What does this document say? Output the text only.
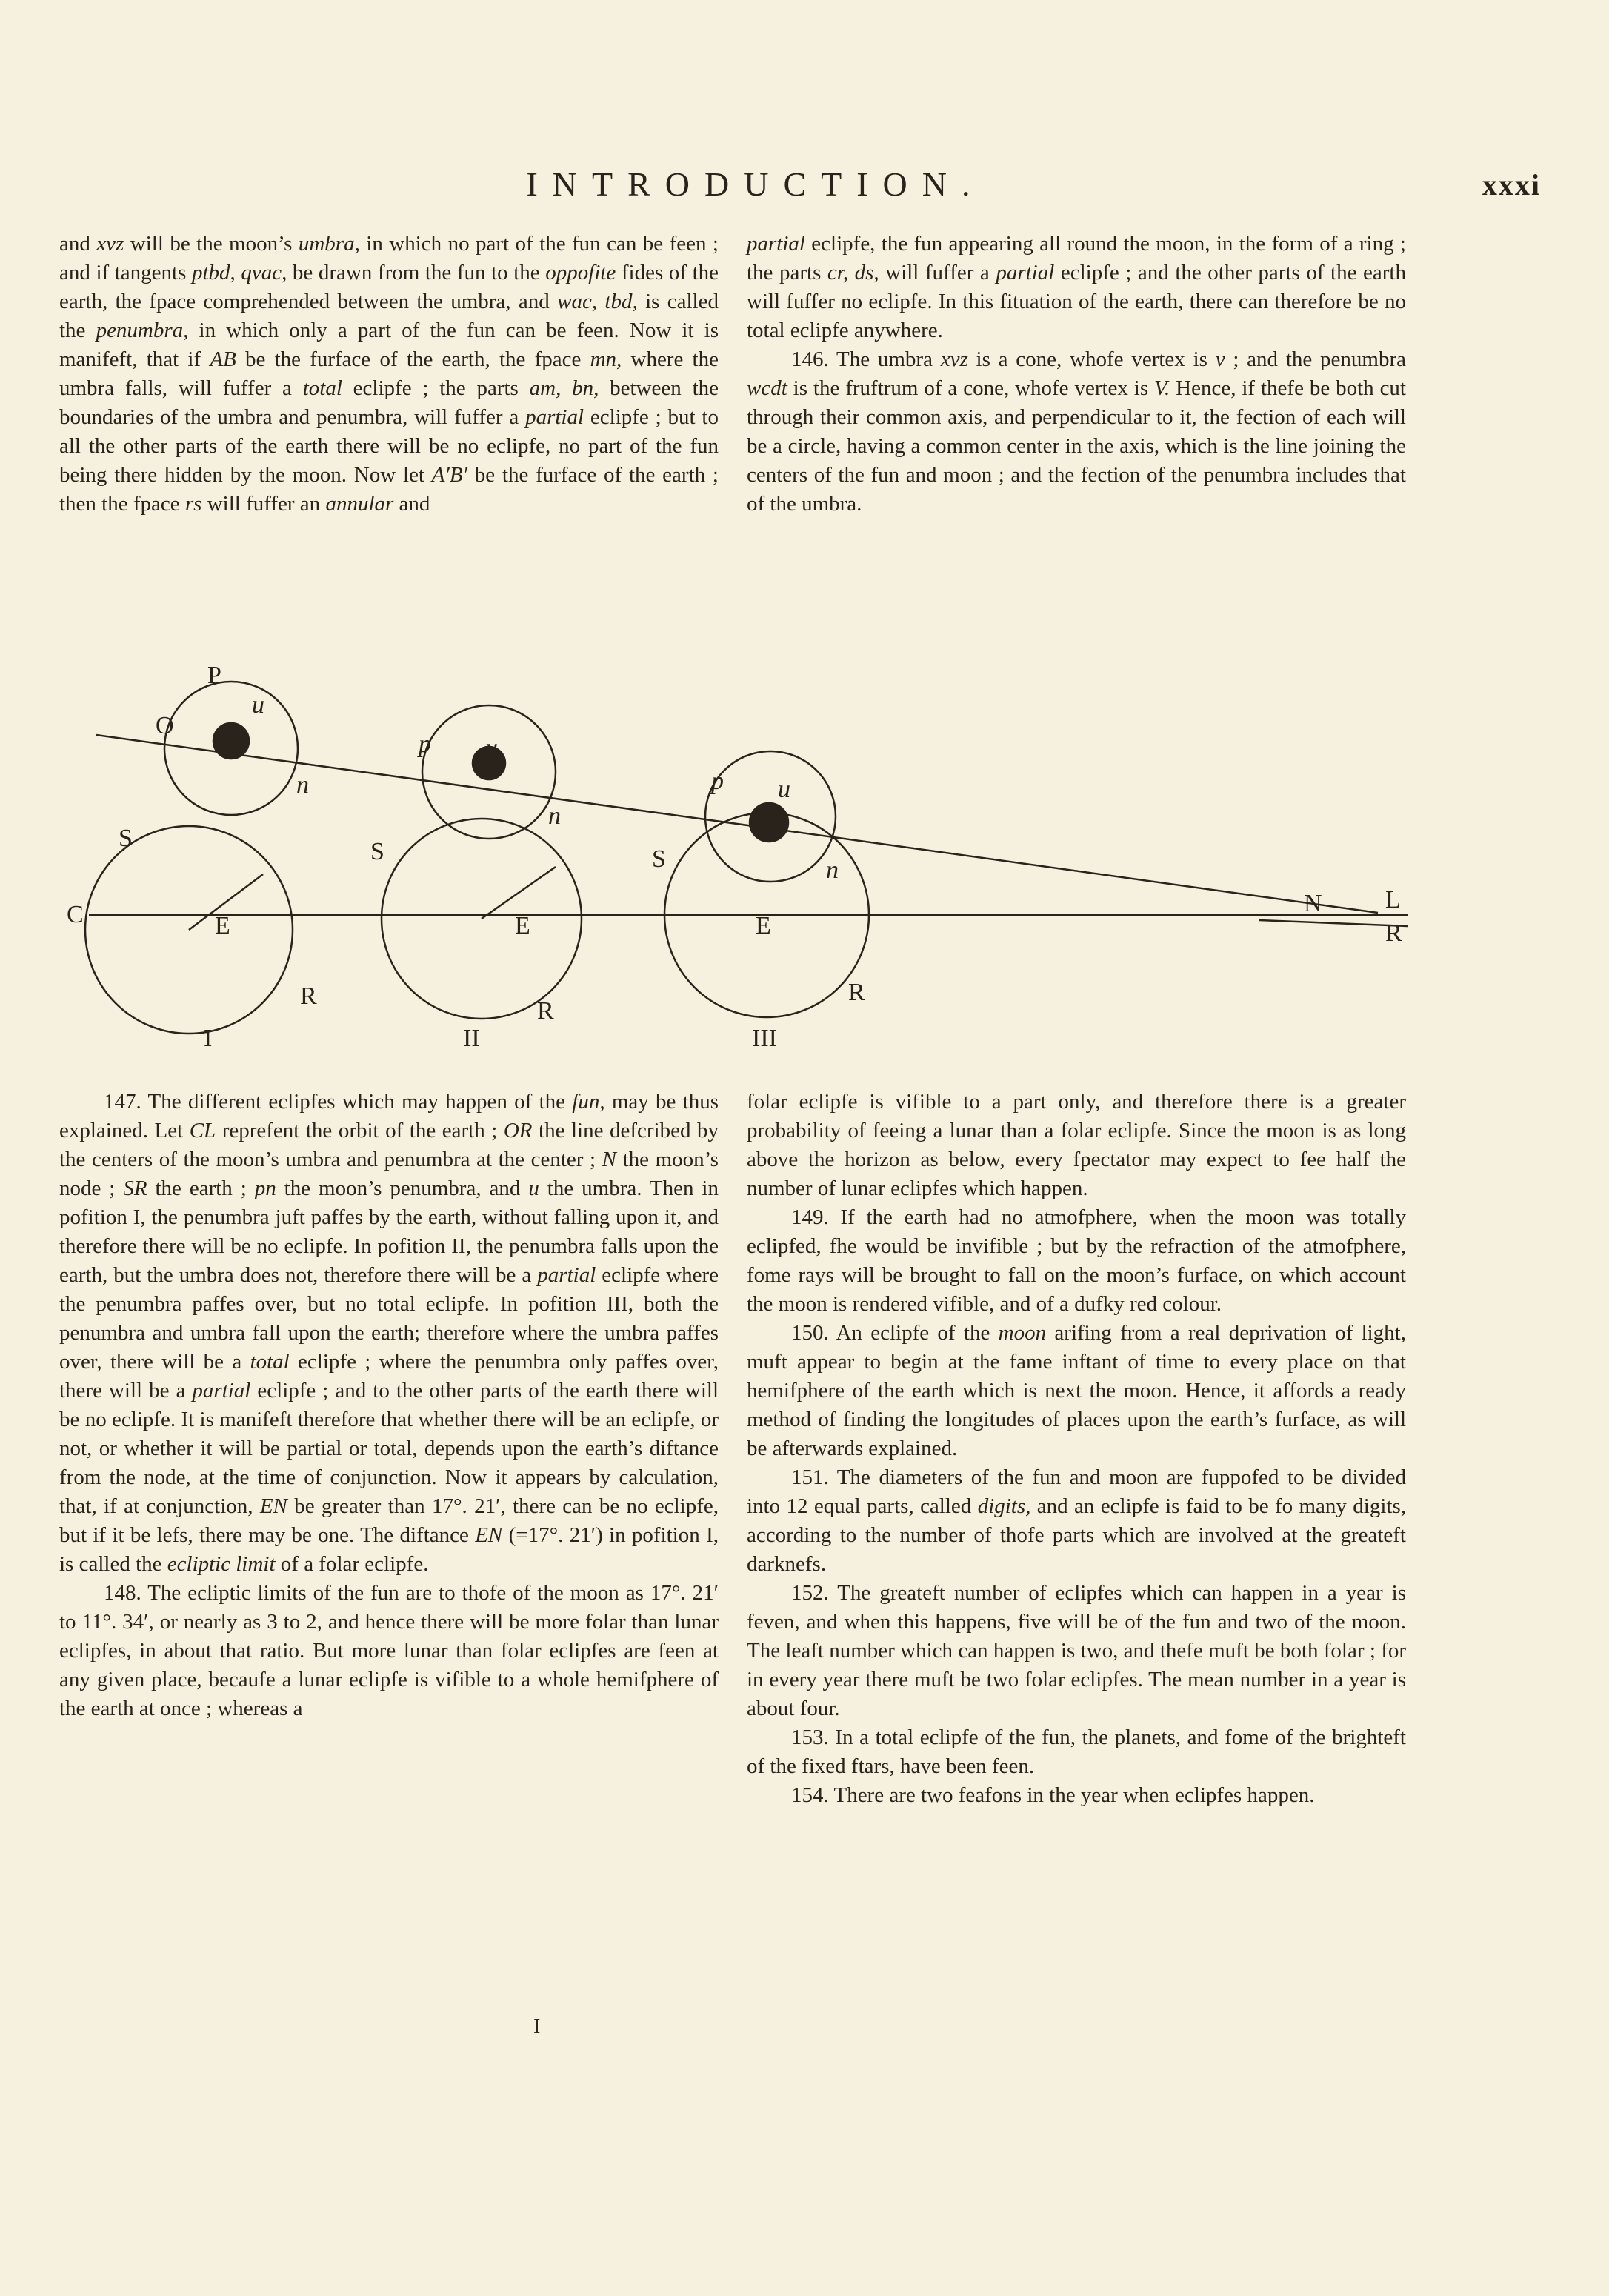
INTRODUCTION.	xxxi

and xvz will be the moon’s umbra, in which no part of the fun can be feen ; and if tangents ptbd, qvac, be drawn from the fun to the oppofite fides of the earth, the fpace comprehended between the umbra, and wac, tbd, is called the penumbra, in which only a part of the fun can be feen. Now it is manifeft, that if AB be the furface of the earth, the fpace mn, where the umbra falls, will fuffer a total eclipfe ; the parts am, bn, between the boundaries of the umbra and penumbra, will fuffer a partial eclipfe ; but to all the other parts of the earth there will be no eclipfe, no part of the fun being there hidden by the moon. Now let A′B′ be the furface of the earth ; then the fpace rs will fuffer an annular and

partial eclipfe, the fun appearing all round the moon, in the form of a ring ; the parts cr, ds, will fuffer a partial eclipfe ; and the other parts of the earth will fuffer no eclipfe. In this fituation of the earth, there can therefore be no total eclipfe anywhere.

146. The umbra xvz is a cone, whofe vertex is v ; and the penumbra wcdt is the fruftrum of a cone, whofe vertex is V. Hence, if thefe be both cut through their common axis, and perpendicular to it, the fection of each will be a circle, having a common center in the axis, which is the line joining the centers of the fun and moon ; and the fection of the penumbra includes that of the umbra.

P
O
u
n
S
C	E
R
I
p u
n
S
E
R
II
p u
n
S
E
R
III
N	L
R

147. The different eclipfes which may happen of the fun, may be thus explained. Let CL reprefent the orbit of the earth ; OR the line defcribed by the centers of the moon’s umbra and penumbra at the center ; N the moon’s node ; SR the earth ; pn the moon’s penumbra, and u the umbra. Then in pofition I, the penumbra juft paffes by the earth, without falling upon it, and therefore there will be no eclipfe. In pofition II, the penumbra falls upon the earth, but the umbra does not, therefore there will be a partial eclipfe where the penumbra paffes over, but no total eclipfe. In pofition III, both the penumbra and umbra fall upon the earth; therefore where the umbra paffes over, there will be a total eclipfe ; where the penumbra only paffes over, there will be a partial eclipfe ; and to the other parts of the earth there will be no eclipfe. It is manifeft therefore that whether there will be an eclipfe, or not, or whether it will be partial or total, depends upon the earth’s diftance from the node, at the time of conjunction. Now it appears by calculation, that, if at conjunction, EN be greater than 17°. 21′, there can be no eclipfe, but if it be lefs, there may be one. The diftance EN (=17°. 21′) in pofition I, is called the ecliptic limit of a folar eclipfe.

148. The ecliptic limits of the fun are to thofe of the moon as 17°. 21′ to 11°. 34′, or nearly as 3 to 2, and hence there will be more folar than lunar eclipfes, in about that ratio. But more lunar than folar eclipfes are feen at any given place, becaufe a lunar eclipfe is vifible to a whole hemifphere of the earth at once ; whereas a

folar eclipfe is vifible to a part only, and therefore there is a greater probability of feeing a lunar than a folar eclipfe. Since the moon is as long above the horizon as below, every fpectator may expect to fee half the number of lunar eclipfes which happen.

149. If the earth had no atmofphere, when the moon was totally eclipfed, fhe would be invifible ; but by the refraction of the atmofphere, fome rays will be brought to fall on the moon’s furface, on which account the moon is rendered vifible, and of a dufky red colour.

150. An eclipfe of the moon arifing from a real deprivation of light, muft appear to begin at the fame inftant of time to every place on that hemifphere of the earth which is next the moon. Hence, it affords a ready method of finding the longitudes of places upon the earth’s furface, as will be afterwards explained.

151. The diameters of the fun and moon are fuppofed to be divided into 12 equal parts, called digits, and an eclipfe is faid to be fo many digits, according to the number of thofe parts which are involved at the greateft darknefs.

152. The greateft number of eclipfes which can happen in a year is feven, and when this happens, five will be of the fun and two of the moon. The leaft number which can happen is two, and thefe muft be both folar ; for in every year there muft be two folar eclipfes. The mean number in a year is about four.

153. In a total eclipfe of the fun, the planets, and fome of the brighteft of the fixed ftars, have been feen.

154. There are two feafons in the year when eclipfes happen.

I
